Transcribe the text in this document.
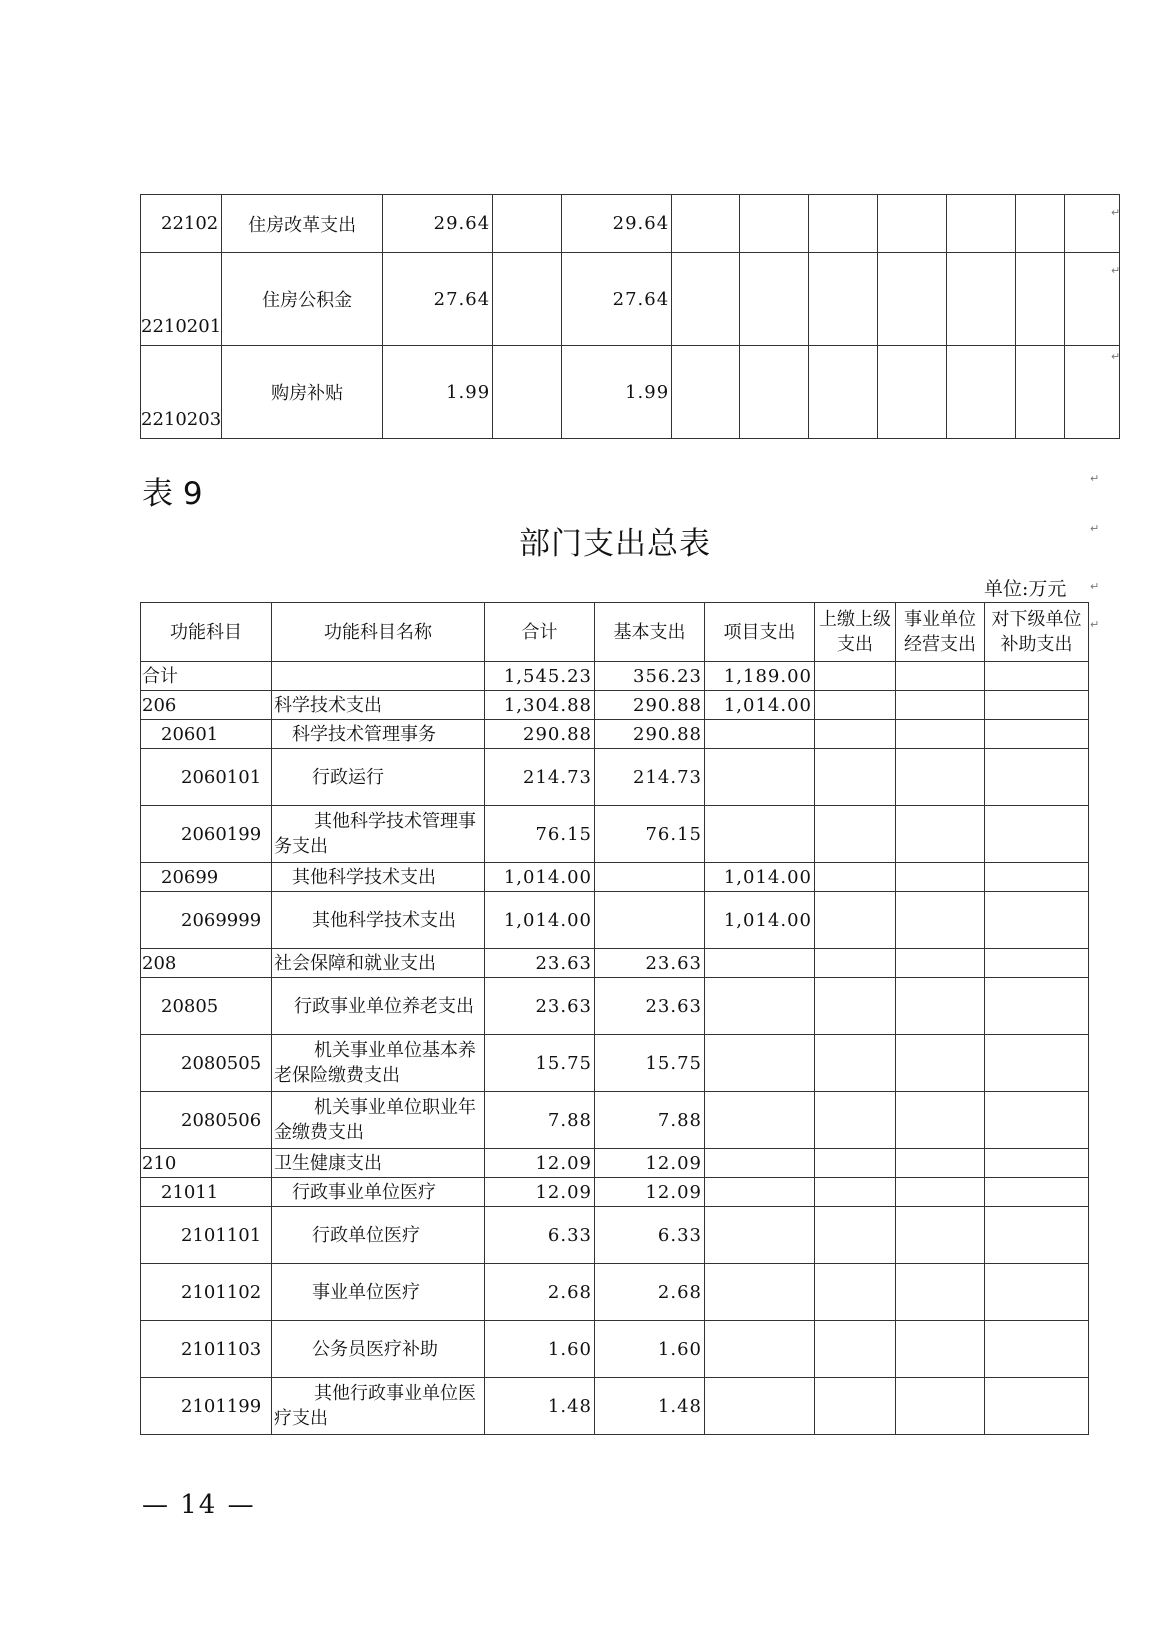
22102	住房改革支出	29.64		29.64							
2210201	住房公积金	27.64		27.64							
2210203	购房补贴	1.99		1.99							
↵
↵
↵
↵
↵
↵
表 9
部门支出总表
单位:万元
功能科目	功能科目名称	合计	基本支出	项目支出	上缴上级支出	事业单位经营支出	对下级单位补助支出
合计		1,545.23	356.23	1,189.00			
206	科学技术支出	1,304.88	290.88	1,014.00			
20601	科学技术管理事务	290.88	290.88				
2060101	行政运行	214.73	214.73				
2060199	其他科学技术管理事务支出	76.15	76.15				
20699	其他科学技术支出	1,014.00		1,014.00			
2069999	其他科学技术支出	1,014.00		1,014.00			
208	社会保障和就业支出	23.63	23.63				
20805	行政事业单位养老支出	23.63	23.63				
2080505	机关事业单位基本养老保险缴费支出	15.75	15.75				
2080506	机关事业单位职业年金缴费支出	7.88	7.88				
210	卫生健康支出	12.09	12.09				
21011	行政事业单位医疗	12.09	12.09				
2101101	行政单位医疗	6.33	6.33				
2101102	事业单位医疗	2.68	2.68				
2101103	公务员医疗补助	1.60	1.60				
2101199	其他行政事业单位医疗支出	1.48	1.48				
↵
— 14 —
